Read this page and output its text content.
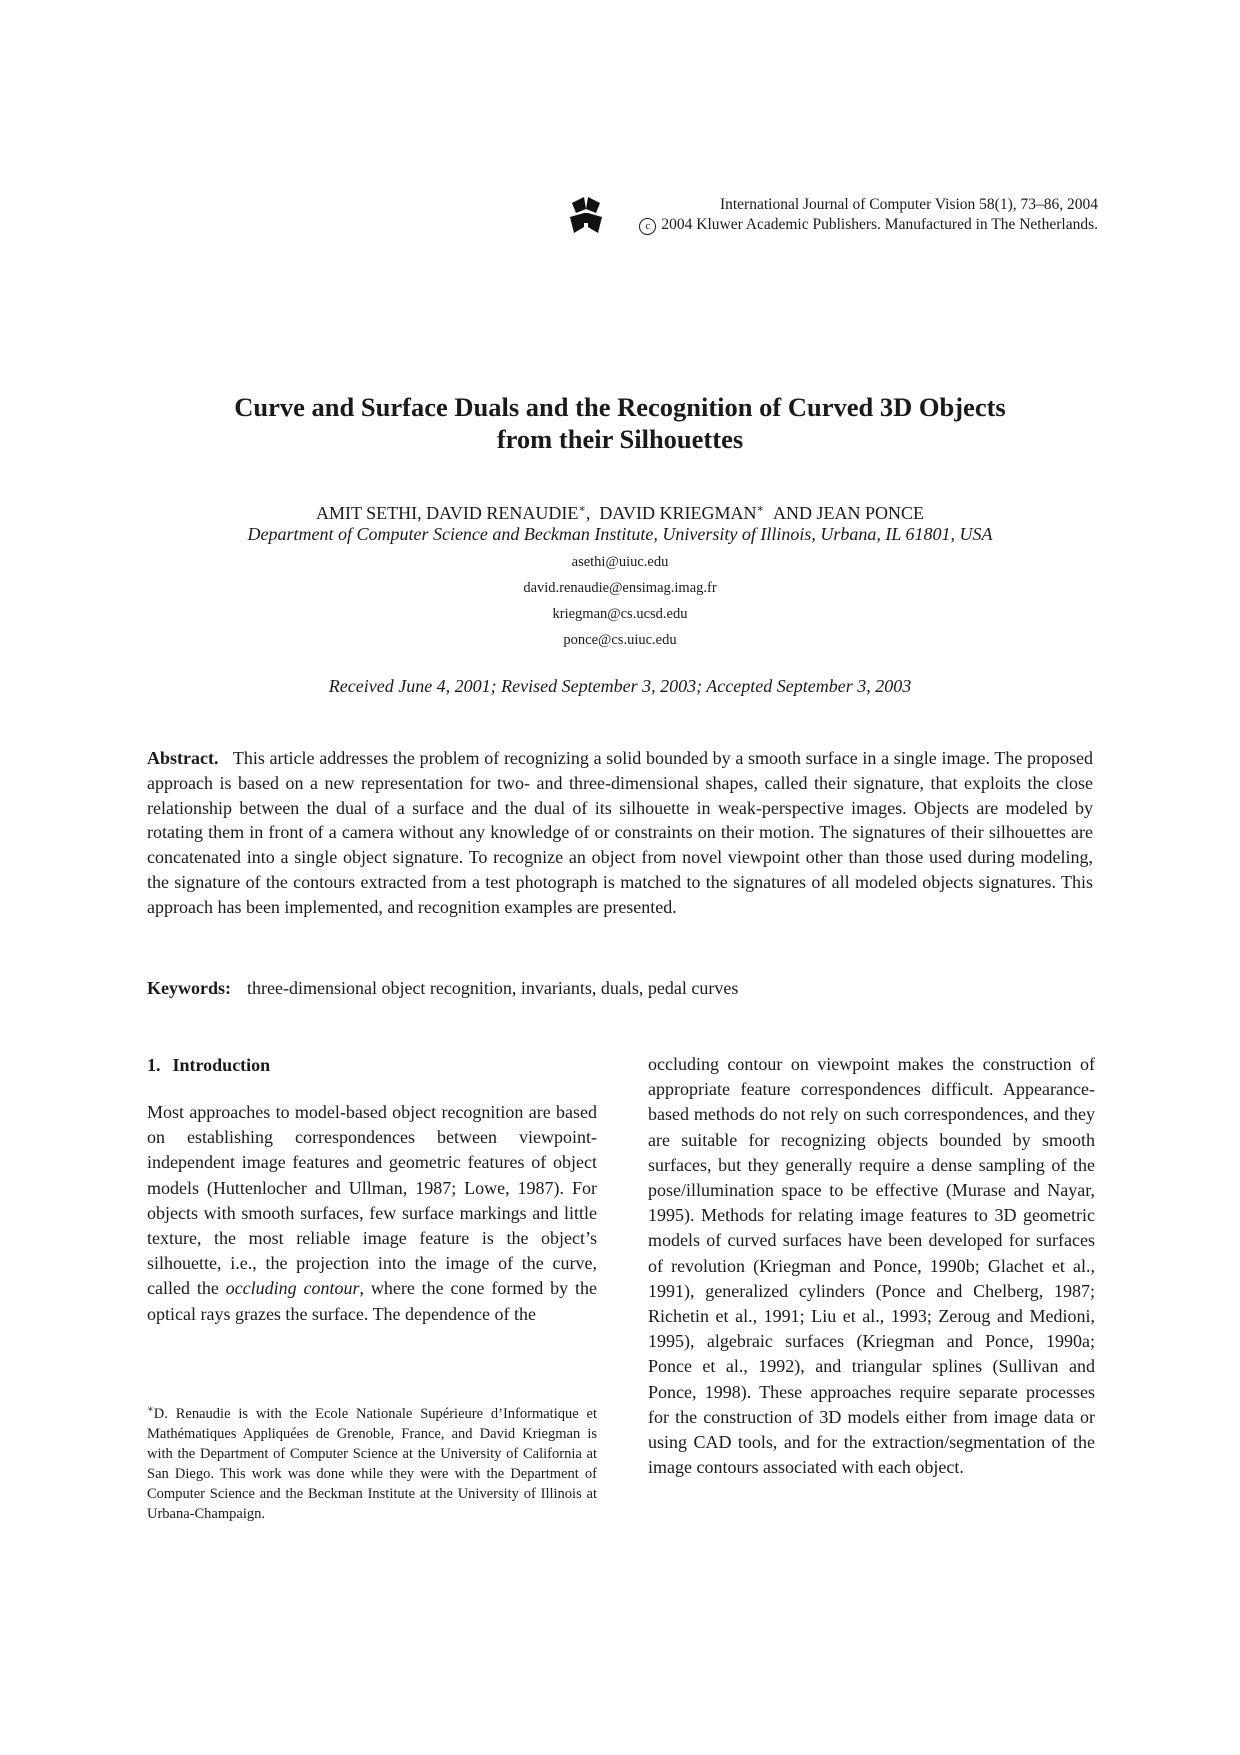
International Journal of Computer Vision 58(1), 73–86, 2004
c 2004 Kluwer Academic Publishers. Manufactured in The Netherlands.
Curve and Surface Duals and the Recognition of Curved 3D Objects
from their Silhouettes
AMIT SETHI, DAVID RENAUDIE∗,  DAVID KRIEGMAN∗ AND JEAN PONCE
Department of Computer Science and Beckman Institute, University of Illinois, Urbana, IL 61801, USA
asethi@uiuc.edu
david.renaudie@ensimag.imag.fr
kriegman@cs.ucsd.edu
ponce@cs.uiuc.edu
Received June 4, 2001; Revised September 3, 2003; Accepted September 3, 2003
Abstract. This article addresses the problem of recognizing a solid bounded by a smooth surface in a single image. The proposed approach is based on a new representation for two- and three-dimensional shapes, called their signature, that exploits the close relationship between the dual of a surface and the dual of its silhouette in weak-perspective images. Objects are modeled by rotating them in front of a camera without any knowledge of or constraints on their motion. The signatures of their silhouettes are concatenated into a single object signature. To recognize an object from novel viewpoint other than those used during modeling, the signature of the contours extracted from a test photograph is matched to the signatures of all modeled objects signatures. This approach has been implemented, and recognition examples are presented.
Keywords: three-dimensional object recognition, invariants, duals, pedal curves
1. Introduction

Most approaches to model-based object recognition are based on establishing correspondences between viewpoint-independent image features and geometric features of object models (Huttenlocher and Ullman, 1987; Lowe, 1987). For objects with smooth surfaces, few surface markings and little texture, the most reliable image feature is the object’s silhouette, i.e., the projection into the image of the curve, called the occluding contour, where the cone formed by the optical rays grazes the surface. The dependence of the

occluding contour on viewpoint makes the construction of appropriate feature correspondences difficult. Appearance-based methods do not rely on such correspondences, and they are suitable for recognizing objects bounded by smooth surfaces, but they generally require a dense sampling of the pose/illumination space to be effective (Murase and Nayar, 1995). Methods for relating image features to 3D geometric models of curved surfaces have been developed for surfaces of revolution (Kriegman and Ponce, 1990b; Glachet et al., 1991), generalized cylinders (Ponce and Chelberg, 1987; Richetin et al., 1991; Liu et al., 1993; Zeroug and Medioni, 1995), algebraic surfaces (Kriegman and Ponce, 1990a; Ponce et al., 1992), and triangular splines (Sullivan and Ponce, 1998). These approaches require separate processes for the construction of 3D models either from image data or using CAD tools, and for the extraction/segmentation of the image contours associated with each object.

∗D. Renaudie is with the Ecole Nationale Supérieure d’Informatique et Mathématiques Appliquées de Grenoble, France, and David Kriegman is with the Department of Computer Science at the University of California at San Diego. This work was done while they were with the Department of Computer Science and the Beckman Institute at the University of Illinois at Urbana-Champaign.
